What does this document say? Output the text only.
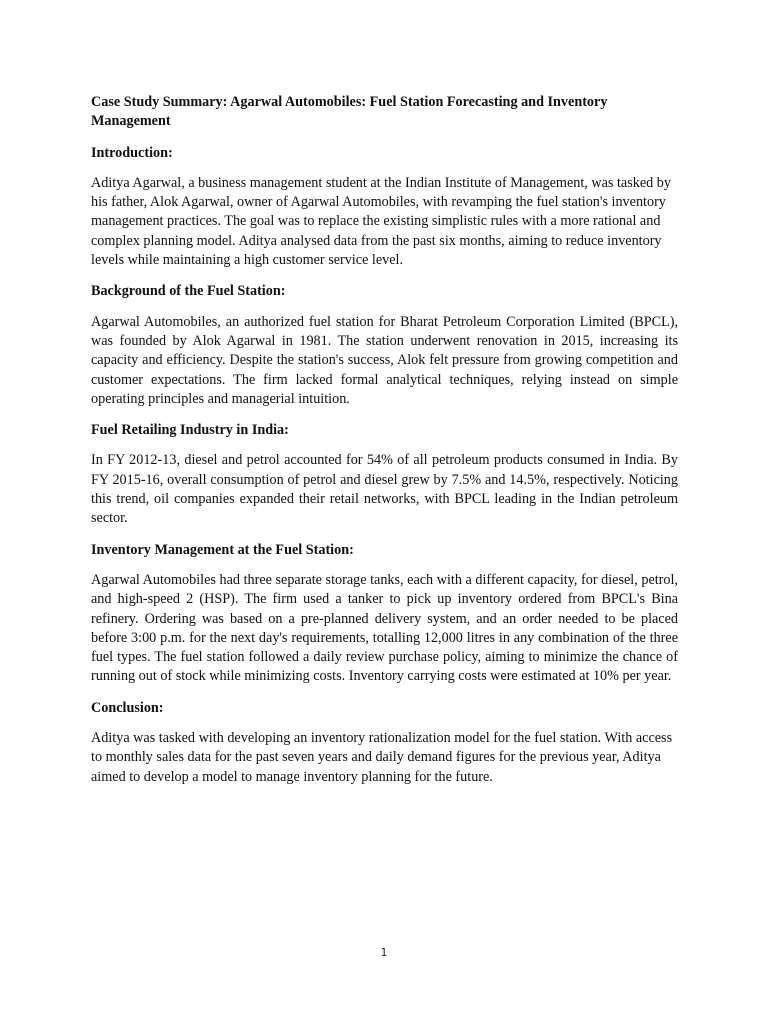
Case Study Summary: Agarwal Automobiles: Fuel Station Forecasting and Inventory Management

Introduction:

Aditya Agarwal, a business management student at the Indian Institute of Management, was tasked by his father, Alok Agarwal, owner of Agarwal Automobiles, with revamping the fuel station's inventory management practices. The goal was to replace the existing simplistic rules with a more rational and complex planning model. Aditya analysed data from the past six months, aiming to reduce inventory levels while maintaining a high customer service level.

Background of the Fuel Station:

Agarwal Automobiles, an authorized fuel station for Bharat Petroleum Corporation Limited (BPCL), was founded by Alok Agarwal in 1981. The station underwent renovation in 2015, increasing its capacity and efficiency. Despite the station's success, Alok felt pressure from growing competition and customer expectations. The firm lacked formal analytical techniques, relying instead on simple operating principles and managerial intuition.

Fuel Retailing Industry in India:

In FY 2012-13, diesel and petrol accounted for 54% of all petroleum products consumed in India. By FY 2015-16, overall consumption of petrol and diesel grew by 7.5% and 14.5%, respectively. Noticing this trend, oil companies expanded their retail networks, with BPCL leading in the Indian petroleum sector.

Inventory Management at the Fuel Station:

Agarwal Automobiles had three separate storage tanks, each with a different capacity, for diesel, petrol, and high-speed 2 (HSP). The firm used a tanker to pick up inventory ordered from BPCL's Bina refinery. Ordering was based on a pre-planned delivery system, and an order needed to be placed before 3:00 p.m. for the next day's requirements, totalling 12,000 litres in any combination of the three fuel types. The fuel station followed a daily review purchase policy, aiming to minimize the chance of running out of stock while minimizing costs. Inventory carrying costs were estimated at 10% per year.

Conclusion:

Aditya was tasked with developing an inventory rationalization model for the fuel station. With access to monthly sales data for the past seven years and daily demand figures for the previous year, Aditya aimed to develop a model to manage inventory planning for the future.

1
